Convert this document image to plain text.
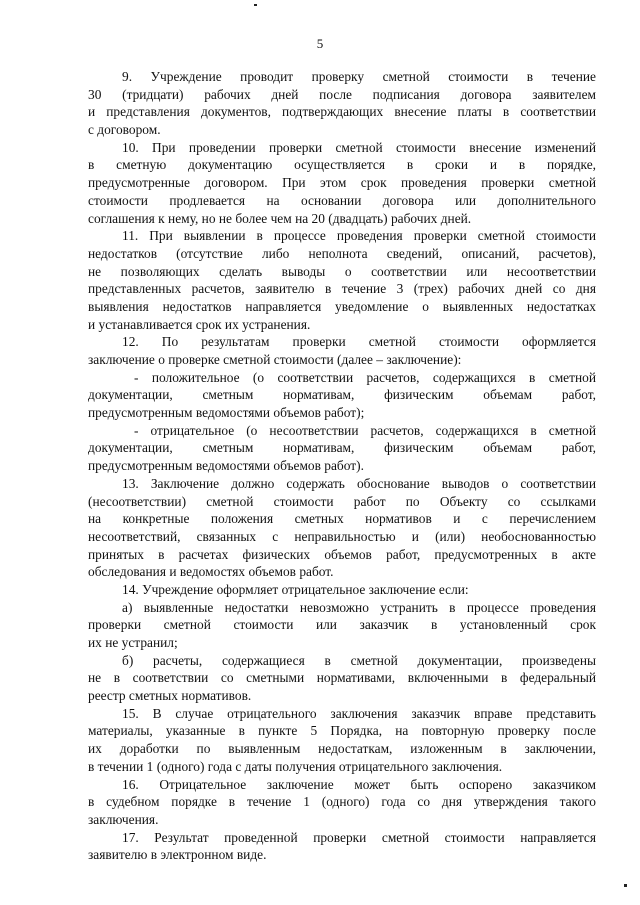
5
9. Учреждение проводит проверку сметной стоимости в течение
30 (тридцати) рабочих дней после подписания договора заявителем
и представления документов, подтверждающих внесение платы в соответствии
с договором.
10. При проведении проверки сметной стоимости внесение изменений
в сметную документацию осуществляется в сроки и в порядке,
предусмотренные договором. При этом срок проведения проверки сметной
стоимости продлевается на основании договора или дополнительного
соглашения к нему, но не более чем на 20 (двадцать) рабочих дней.
11. При выявлении в процессе проведения проверки сметной стоимости
недостатков (отсутствие либо неполнота сведений, описаний, расчетов),
не позволяющих сделать выводы о соответствии или несоответствии
представленных расчетов, заявителю в течение 3 (трех) рабочих дней со дня
выявления недостатков направляется уведомление о выявленных недостатках
и устанавливается срок их устранения.
12. По результатам проверки сметной стоимости оформляется
заключение о проверке сметной стоимости (далее – заключение):
- положительное (о соответствии расчетов, содержащихся в сметной
документации, сметным нормативам, физическим объемам работ,
предусмотренным ведомостями объемов работ);
- отрицательное (о несоответствии расчетов, содержащихся в сметной
документации, сметным нормативам, физическим объемам работ,
предусмотренным ведомостями объемов работ).
13. Заключение должно содержать обоснование выводов о соответствии
(несоответствии) сметной стоимости работ по Объекту со ссылками
на конкретные положения сметных нормативов и с перечислением
несоответствий, связанных с неправильностью и (или) необоснованностью
принятых в расчетах физических объемов работ, предусмотренных в акте
обследования и ведомостях объемов работ.
14. Учреждение оформляет отрицательное заключение если:
а) выявленные недостатки невозможно устранить в процессе проведения
проверки сметной стоимости или заказчик в установленный срок
их не устранил;
б) расчеты, содержащиеся в сметной документации, произведены
не в соответствии со сметными нормативами, включенными в федеральный
реестр сметных нормативов.
15. В случае отрицательного заключения заказчик вправе представить
материалы, указанные в пункте 5 Порядка, на повторную проверку после
их доработки по выявленным недостаткам, изложенным в заключении,
в течении 1 (одного) года с даты получения отрицательного заключения.
16. Отрицательное заключение может быть оспорено заказчиком
в судебном порядке в течение 1 (одного) года со дня утверждения такого
заключения.
17. Результат проведенной проверки сметной стоимости направляется
заявителю в электронном виде.
